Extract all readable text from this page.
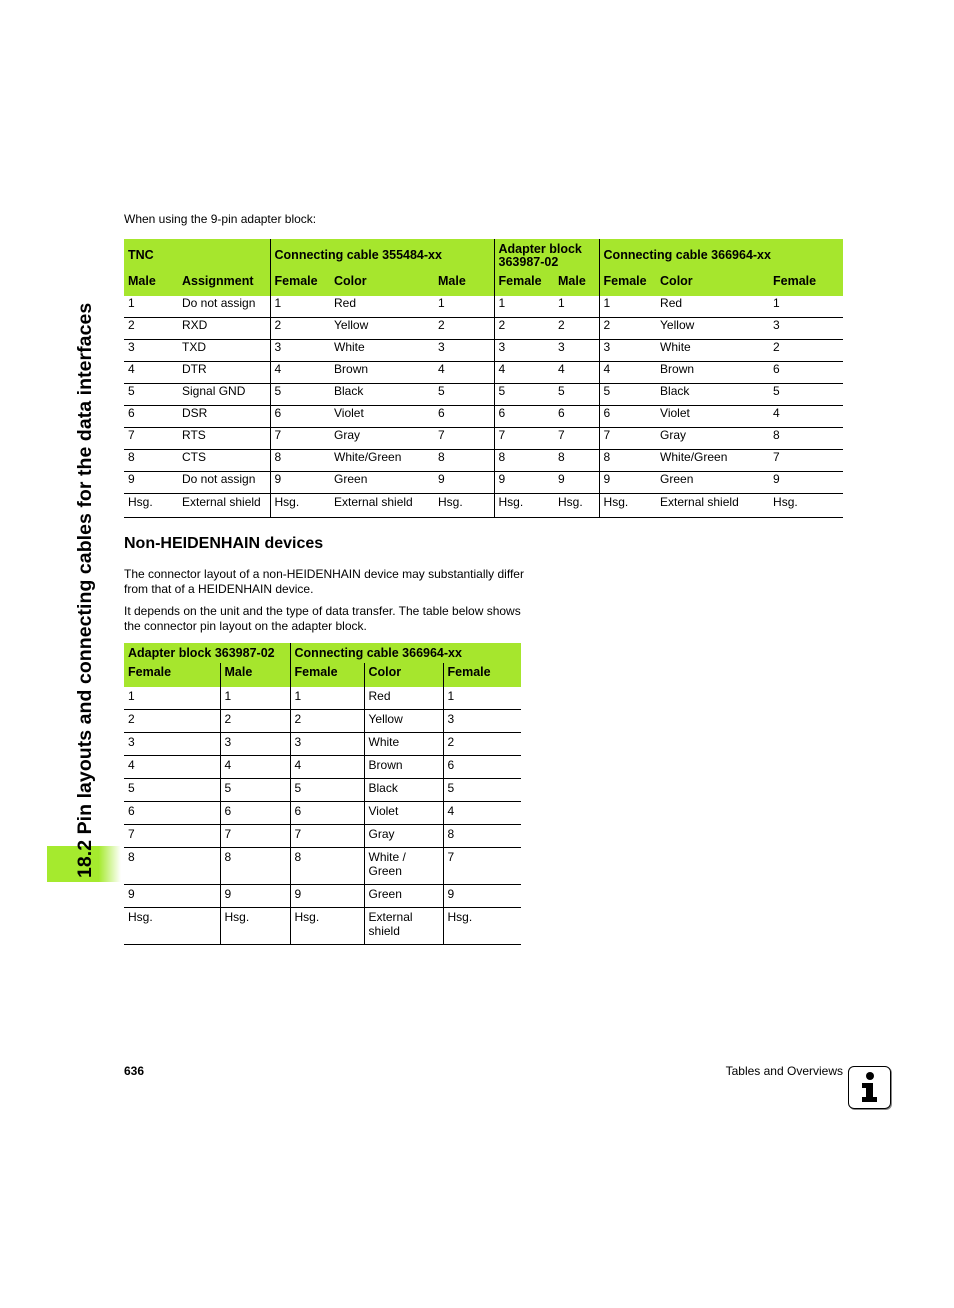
18.2 Pin layouts and connecting cables for the data interfaces
When using the 9-pin adapter block:
TNC		Connecting cable 355484-xx			Adapter block 363987-02		Connecting cable 366964-xx		
Male	Assignment	Female	Color	Male	Female	Male	Female	Color	Female
1	Do not assign	1	Red	1	1	1	1	Red	1
2	RXD	2	Yellow	2	2	2	2	Yellow	3
3	TXD	3	White	3	3	3	3	White	2
4	DTR	4	Brown	4	4	4	4	Brown	6
5	Signal GND	5	Black	5	5	5	5	Black	5
6	DSR	6	Violet	6	6	6	6	Violet	4
7	RTS	7	Gray	7	7	7	7	Gray	8
8	CTS	8	White/Green	8	8	8	8	White/Green	7
9	Do not assign	9	Green	9	9	9	9	Green	9
Hsg.	External shield	Hsg.	External shield	Hsg.	Hsg.	Hsg.	Hsg.	External shield	Hsg.
Non-HEIDENHAIN devices
The connector layout of a non-HEIDENHAIN device may substantially differ from that of a HEIDENHAIN device.
It depends on the unit and the type of data transfer. The table below shows the connector pin layout on the adapter block.
Adapter block 363987-02		Connecting cable 366964-xx		
Female	Male	Female	Color	Female
1	1	1	Red	1
2	2	2	Yellow	3
3	3	3	White	2
4	4	4	Brown	6
5	5	5	Black	5
6	6	6	Violet	4
7	7	7	Gray	8
8	8	8	White / Green	7
9	9	9	Green	9
Hsg.	Hsg.	Hsg.	External shield	Hsg.
636	Tables and Overviews
